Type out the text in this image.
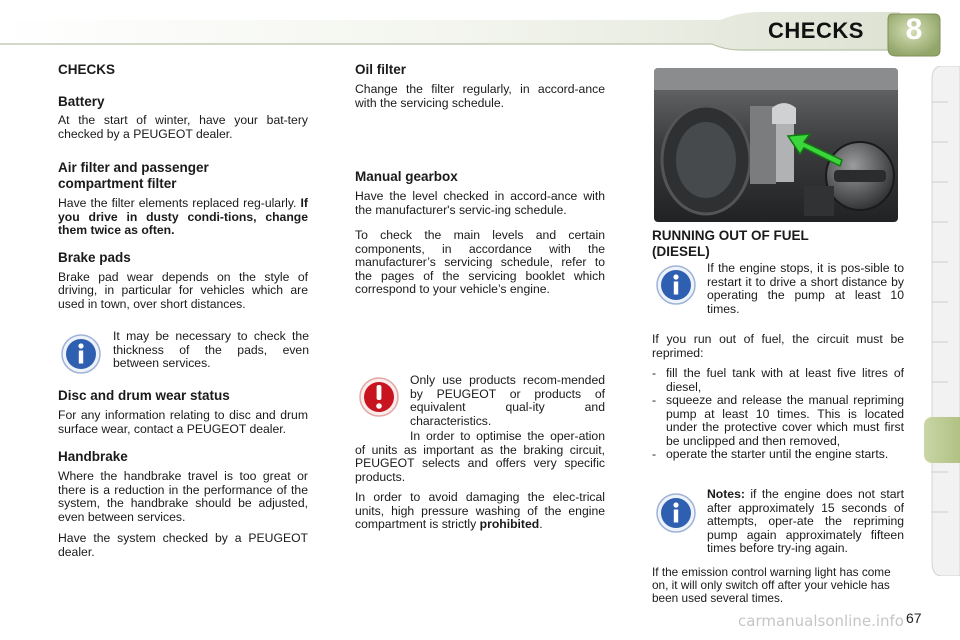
CHECKS	8
CHECKS
Battery

At the start of winter, have your bat-tery checked by a PEUGEOT dealer.

Air filter and passenger
compartment filter

Have the filter elements replaced reg-ularly. If you drive in dusty condi-tions, change them twice as often.

Brake pads

Brake pad wear depends on the style of driving, in particular for vehicles which are used in town, over short distances.

It may be necessary to check the thickness of the pads, even between services.
Disc and drum wear status

For any information relating to disc and drum surface wear, contact a PEUGEOT dealer.

Handbrake

Where the handbrake travel is too great or there is a reduction in the performance of the system, the handbrake should be adjusted, even between services.

Have the system checked by a PEUGEOT dealer.

Oil filter

Change the filter regularly, in accord-ance with the servicing schedule.

Manual gearbox

Have the level checked in accord-ance with the manufacturer's servic-ing schedule.

To check the main levels and certain components, in accordance with the manufacturer’s servicing schedule, refer to the pages of the servicing booklet which correspond to your vehicle’s engine.

Only use products recom-mended by PEUGEOT or products of equivalent qual-ity and characteristics.

In order to optimise the oper-ation of units as important as the braking circuit, PEUGEOT selects and offers very specific products.

In order to avoid damaging the elec-trical units, high pressure washing of the engine compartment is strictly prohibited.

RUNNING OUT OF FUEL
(DIESEL)
If the engine stops, it is pos-sible to restart it to drive a short distance by operating the pump at least 10 times.

If you run out of fuel, the circuit must be reprimed:

- fill the fuel tank with at least five litres of diesel,
- squeeze and release the manual repriming pump at least 10 times. This is located under the protective cover which must first be unclipped and then removed,
- operate the starter until the engine starts.
Notes: if the engine does not start after approximately 15 seconds of attempts, oper-ate the repriming pump again approximately fifteen times before try-ing again.
If the emission control warning light has come on, it will only switch off after your vehicle has been used several times.
carmanualsonline.info 67
